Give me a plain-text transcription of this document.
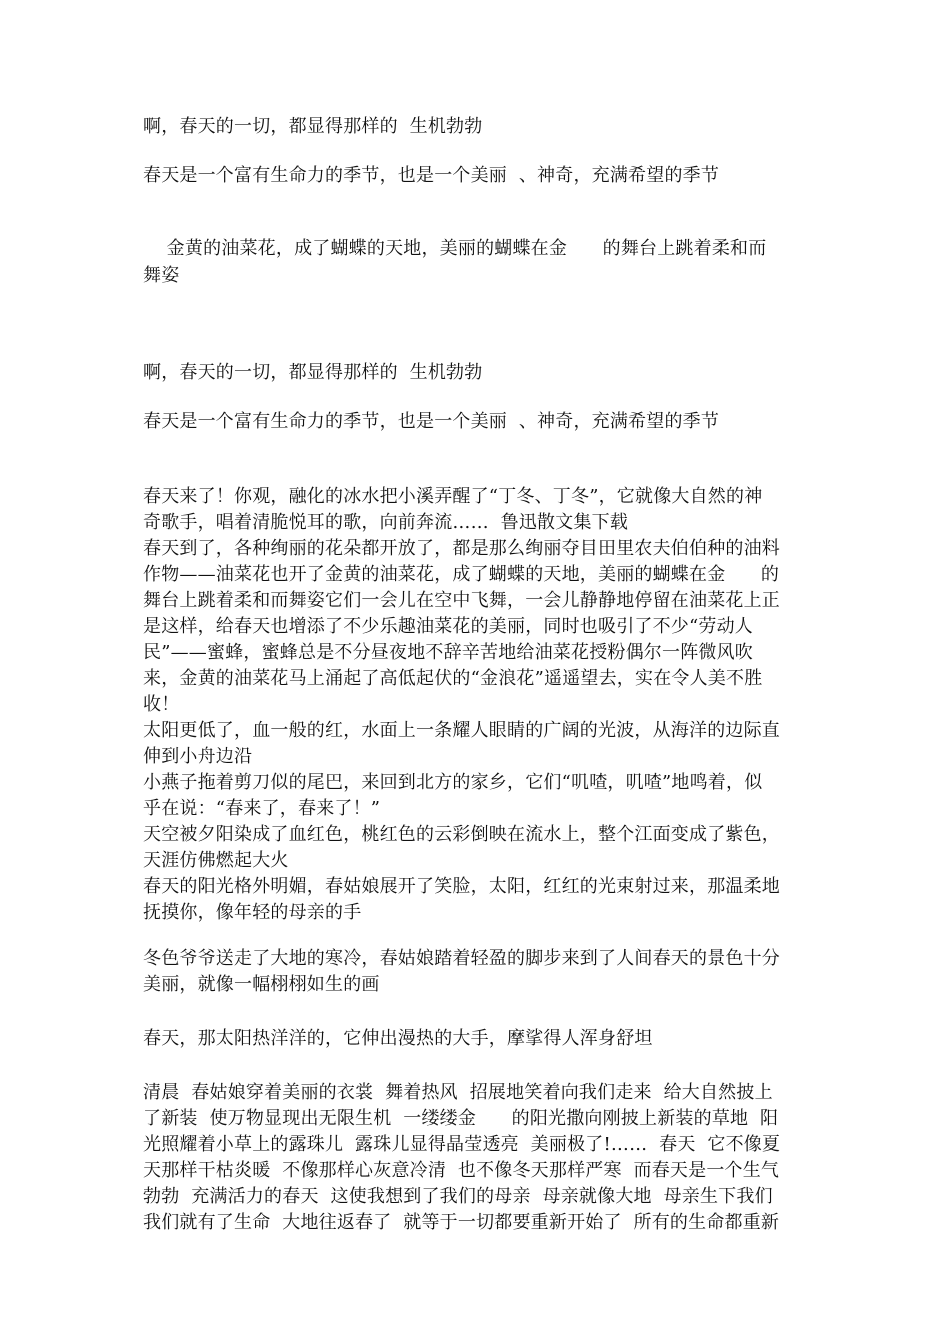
啊，春天的一切，都显得那样的  生机勃勃
春天是一个富有生命力的季节，也是一个美丽  、神奇，充满希望的季节
金黄的油菜花，成了蝴蝶的天地，美丽的蝴蝶在金      的舞台上跳着柔和而
舞姿
啊，春天的一切，都显得那样的  生机勃勃
春天是一个富有生命力的季节，也是一个美丽  、神奇，充满希望的季节
春天来了！你观，融化的冰水把小溪弄醒了“丁冬、丁冬”，它就像大自然的神
奇歌手，唱着清脆悦耳的歌，向前奔流……  鲁迅散文集下载
春天到了，各种绚丽的花朵都开放了，都是那么绚丽夺目田里农夫伯伯种的油料
作物——油菜花也开了金黄的油菜花，成了蝴蝶的天地，美丽的蝴蝶在金      的
舞台上跳着柔和而舞姿它们一会儿在空中飞舞，一会儿静静地停留在油菜花上正
是这样，给春天也增添了不少乐趣油菜花的美丽，同时也吸引了不少“劳动人
民”——蜜蜂，蜜蜂总是不分昼夜地不辞辛苦地给油菜花授粉偶尔一阵微风吹
来，金黄的油菜花马上涌起了高低起伏的“金浪花”遥遥望去，实在令人美不胜
收！
太阳更低了，血一般的红，水面上一条耀人眼睛的广阔的光波，从海洋的边际直
伸到小舟边沿
小燕子拖着剪刀似的尾巴，来回到北方的家乡，它们“叽喳，叽喳”地鸣着，似
乎在说：“春来了，春来了！”
天空被夕阳染成了血红色，桃红色的云彩倒映在流水上，整个江面变成了紫色，
天涯仿佛燃起大火
春天的阳光格外明媚，春姑娘展开了笑脸，太阳，红红的光束射过来，那温柔地
抚摸你，像年轻的母亲的手
冬色爷爷送走了大地的寒冷，春姑娘踏着轻盈的脚步来到了人间春天的景色十分
美丽，就像一幅栩栩如生的画
春天，那太阳热洋洋的，它伸出漫热的大手，摩挲得人浑身舒坦
清晨  春姑娘穿着美丽的衣裳  舞着热风  招展地笑着向我们走来  给大自然披上
了新装  使万物显现出无限生机  一缕缕金      的阳光撒向刚披上新装的草地  阳
光照耀着小草上的露珠儿  露珠儿显得晶莹透亮  美丽极了!……  春天  它不像夏
天那样干枯炎暖  不像那样心灰意冷清  也不像冬天那样严寒  而春天是一个生气
勃勃  充满活力的春天  这使我想到了我们的母亲  母亲就像大地  母亲生下我们
我们就有了生命  大地往返春了  就等于一切都要重新开始了  所有的生命都重新
